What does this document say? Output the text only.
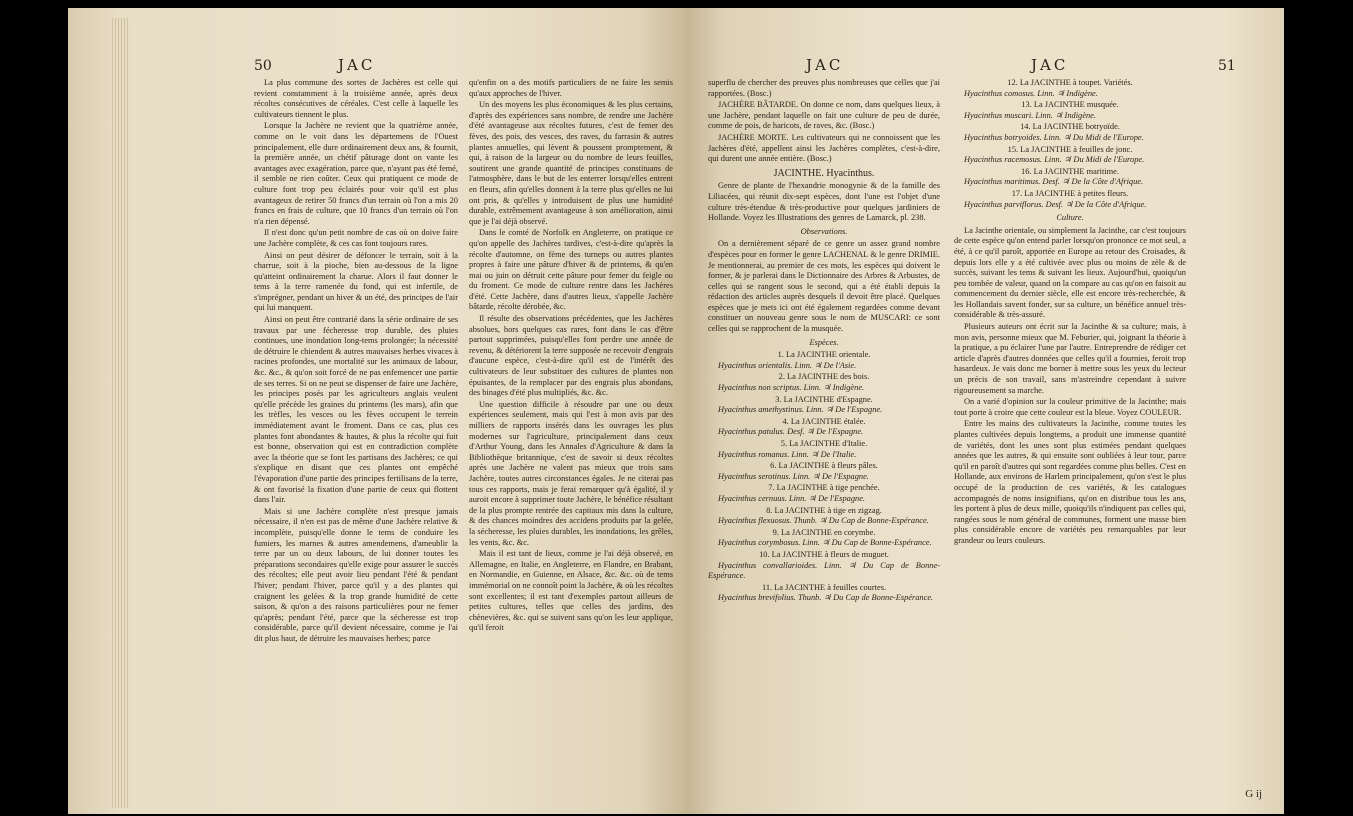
50	JAC

La plus commune des sortes de Jachères est celle qui revient constamment à la troisième année, après deux récoltes consécutives de céréales. C'est celle à laquelle les cultivateurs tiennent le plus.

Lorsque la Jachère ne revient que la quatrième année, comme on le voit dans les départemens de l'Ouest principalement, elle dure ordinairement deux ans, & fournit, la première année, un chétif pâturage dont on vante les avantages avec exagération, parce que, n'ayant pas été femé, il semble ne rien coûter. Ceux qui pratiquent ce mode de culture font trop peu éclairés pour voir qu'il est plus avantageux de retirer 50 francs d'un terrain où l'on a mis 20 francs en frais de culture, que 10 francs d'un terrain où l'on n'a rien dépensé.

Il n'est donc qu'un petit nombre de cas où on doive faire une Jachère complète, & ces cas font toujours rares.

Ainsi on peut désirer de défoncer le terrain, soit à la charrue, soit à la pioche, bien au-dessous de la ligne qu'atteint ordinairement la charue. Alors il faut donner le tems à la terre ramenée du fond, qui est infertile, de s'imprégner, pendant un hiver & un été, des principes de l'air qui lui manquent.

Ainsi on peut être contrarié dans la série ordinaire de ses travaux par une fécheresse trop durable, des pluies continues, une inondation long-tems prolongée; la nécessité de détruire le chiendent & autres mauvaises herbes vivaces à racines profondes, une mortalité sur les animaux de labour, &c. &c., & qu'on soit forcé de ne pas enfemencer une partie de ses terres. Si on ne peut se dispenser de faire une Jachère, les principes posés par les agriculteurs anglais veulent qu'elle précède les graines du printems (les mars), afin que les trèfles, les vesces ou les fèves occupent le terrein immédiatement avant le froment. Dans ce cas, plus ces plantes font abondantes & hautes, & plus la récolte qui fuit est bonne, observation qui est en contradiction complète avec la théorie que se font les partisans des Jachères; ce qui s'explique en disant que ces plantes ont empêché l'évaporation d'une partie des principes fertilisans de la terre, & ont favorisé la fixation d'une partie de ceux qui flottent dans l'air.

Mais si une Jachère complète n'est presque jamais nécessaire, il n'en est pas de même d'une Jachère relative & incomplète, puisqu'elle donne le tems de conduire les fumiers, les marnes & autres amendemens, d'ameublir la terre par un ou deux labours, de lui donner toutes les préparations secondaires qu'elle exige pour assurer le succès des récoltes; elle peut avoir lieu pendant l'été & pendant l'hiver; pendant l'hiver, parce qu'il y a des plantes qui craignent les gelées & la trop grande humidité de cette saison, & qu'on a des raisons particulières pour ne femer qu'après; pendant l'été, parce que la sécheresse est trop considérable, parce qu'il devient nécessaire, comme je l'ai dit plus haut, de détruire les mauvaises herbes; parce

qu'enfin on a des motifs particuliers de ne faire les semis qu'aux approches de l'hiver.

Un des moyens les plus économiques & les plus certains, d'après des expériences sans nombre, de rendre une Jachère d'été avantageuse aux récoltes futures, c'est de femer des fèves, des pois, des vesces, des raves, du farrasin & autres plantes annuelles, qui lèvent & poussent promptement, & qui, à raison de la largeur ou du nombre de leurs feuilles, soutirent une grande quantité de principes constituans de l'atmosphère, dans le but de les enterrer lorsqu'elles entrent en fleurs, afin qu'elles donnent à la terre plus qu'elles ne lui ont pris, & qu'elles y introduisent de plus une humidité durable, extrêmement avantageuse à son amélioration, ainsi que je l'ai déjà observé.

Dans le comté de Norfolk en Angleterre, on pratique ce qu'on appelle des Jachères tardives, c'est-à-dire qu'après la récolte d'automne, on fème des turneps ou autres plantes propres à faire une pâture d'hiver & de printems, & qu'en mai ou juin on détruit cette pâture pour femer du feigle ou du froment. Ce mode de culture rentre dans les Jachères d'été. Cette Jachère, dans d'autres lieux, s'appelle Jachère bâtarde, récolte dérobée, &c.

Il résulte des observations précédentes, que les Jachères absolues, hors quelques cas rares, font dans le cas d'être partout supprimées, puisqu'elles font perdre une année de revenu, & détériorent la terre supposée ne recevoir d'engrais d'aucune espèce, c'est-à-dire qu'il est de l'intérêt des cultivateurs de leur substituer des cultures de plantes non épuisantes, de la remplacer par des engrais plus abondans, des binages d'été plus multipliés, &c. &c.

Une question difficile à résoudre par une ou deux expériences seulement, mais qui l'est à mon avis par des milliers de rapports insérés dans les ouvrages les plus modernes sur l'agriculture, principalement dans ceux d'Arthur Young, dans les Annales d'Agriculture & dans la Bibliothèque britannique, c'est de savoir si deux récoltes après une Jachère ne valent pas mieux que trois sans Jachère, toutes autres circonstances égales. Je ne citerai pas tous ces rapports, mais je ferai remarquer qu'à égalité, il y auroit encore à supprimer toute Jachère, le bénéfice résultant de la plus prompte rentrée des capitaux mis dans la culture, & des chances moindres des accidens produits par la gelée, la sécheresse, les pluies durables, les inondations, les grêles, les vents, &c. &c.

Mais il est tant de lieux, comme je l'ai déjà observé, en Allemagne, en Italie, en Angleterre, en Flandre, en Brabant, en Normandie, en Guienne, en Alsace, &c. &c. où de tems immémorial on ne connoît point la Jachère, & où les récoltes sont excellentes; il est tant d'exemples partout ailleurs de petites cultures, telles que celles des jardins, des chènevières, &c. qui se suivent sans qu'on les leur applique, qu'il feroit

JAC	JAC	51

superflu de chercher des preuves plus nombreuses que celles que j'ai rapportées. (Bosc.)

JACHÈRE BÂTARDE. On donne ce nom, dans quelques lieux, à une Jachère, pendant laquelle on fait une culture de peu de durée, comme de pois, de haricots, de raves, &c. (Bosc.)

JACHÈRE MORTE. Les cultivateurs qui ne connoissent que les Jachères d'été, appellent ainsi les Jachères complètes, c'est-à-dire, qui durent une année entière. (Bosc.)

JACINTHE. Hyacinthus.

Genre de plante de l'hexandrie monogynie & de la famille des Liliacées, qui réunit dix-sept espèces, dont l'une est l'objet d'une culture très-étendue & très-productive pour quelques jardiniers de Hollande. Voyez les Illustrations des genres de Lamarck, pl. 238.

Observations.

On a dernièrement séparé de ce genre un assez grand nombre d'espèces pour en former le genre LACHENAL & le genre DRIMIE. Je mentionnerai, au premier de ces mots, les espèces qui doivent le former, & je parlerai dans le Dictionnaire des Arbres & Arbustes, de celles qui se rangent sous le second, qui a été établi depuis la rédaction des articles auprès desquels il devoit être placé. Quelques espèces que je mets ici ont été également regardées comme devant constituer un nouveau genre sous le nom de MUSCARI: ce sont celles qui se rapprochent de la musquée.

Espèces.

1. La JACINTHE orientale.

Hyacinthus orientalis. Linn. ♃ De l'Asie.

2. La JACINTHE des bois.

Hyacinthus non scriptus. Linn. ♃ Indigène.

3. La JACINTHE d'Espagne.

Hyacinthus amethystinus. Linn. ♃ De l'Espagne.

4. La JACINTHE étalée.

Hyacinthus patulus. Desf. ♃ De l'Espagne.

5. La JACINTHE d'Italie.

Hyacinthus romanus. Linn. ♃ De l'Italie.

6. La JACINTHE à fleurs pâles.

Hyacinthus serotinus. Linn. ♃ De l'Espagne.

7. La JACINTHE à tige penchée.

Hyacinthus cernuus. Linn. ♃ De l'Espagne.

8. La JACINTHE à tige en zigzag.

Hyacinthus flexuosus. Thunb. ♃ Du Cap de Bonne-Espérance.

9. La JACINTHE en corymbe.

Hyacinthus corymbosus. Linn. ♃ Du Cap de Bonne-Espérance.

10. La JACINTHE à fleurs de muguet.

Hyacinthus convallarioides. Linn. ♃ Du Cap de Bonne-Espérance.

11. La JACINTHE à feuilles courtes.

Hyacinthus brevifolius. Thunb. ♃ Du Cap de Bonne-Espérance.

12. La JACINTHE à toupet. Variétés.

Hyacinthus comosus. Linn. ♃ Indigène.

13. La JACINTHE musquée.

Hyacinthus muscari. Linn. ♃ Indigène.

14. La JACINTHE botryoïde.

Hyacinthus botryoides. Linn. ♃ Du Midi de l'Europe.

15. La JACINTHE à feuilles de jonc.

Hyacinthus racemosus. Linn. ♃ Du Midi de l'Europe.

16. La JACINTHE maritime.

Hyacinthus maritimus. Desf. ♃ De la Côte d'Afrique.

17. La JACINTHE à petites fleurs.

Hyacinthus parviflorus. Desf. ♃ De la Côte d'Afrique.

Culture.

La Jacinthe orientale, ou simplement la Jacinthe, car c'est toujours de cette espèce qu'on entend parler lorsqu'on prononce ce mot seul, a été, à ce qu'il paroît, apportée en Europe au retour des Croisades, & depuis lors elle y a été cultivée avec plus ou moins de zèle & de succès, suivant les tems & suivant les lieux. Aujourd'hui, quoiqu'un peu tombée de valeur, quand on la compare au cas qu'on en faisoit au commencement du dernier siècle, elle est encore très-recherchée, & les Hollandais savent fonder, sur sa culture, un bénéfice annuel très-considérable & très-assuré.

Plusieurs auteurs ont écrit sur la Jacinthe & sa culture; mais, à mon avis, personne mieux que M. Feburier, qui, joignant la théorie à la pratique, a pu éclairer l'une par l'autre. Entreprendre de rédiger cet article d'après d'autres données que celles qu'il a fournies, feroit trop hasardeux. Je vais donc me borner à mettre sous les yeux du lecteur un précis de son travail, sans m'astreindre cependant à suivre rigoureusement sa marche.

On a varié d'opinion sur la couleur primitive de la Jacinthe; mais tout porte à croire que cette couleur est la bleue. Voyez COULEUR.

Entre les mains des cultivateurs la Jacinthe, comme toutes les plantes cultivées depuis longtems, a produit une immense quantité de variétés, dont les unes sont plus estimées pendant quelques années que les autres, & qui ensuite sont oubliées à leur tour, parce qu'il en paroît d'autres qui sont regardées comme plus belles. C'est en Hollande, aux environs de Harlem principalement, qu'on s'est le plus occupé de la production de ces variétés, & les catalogues accompagnés de noms insignifians, qu'on en distribue tous les ans, les portent à plus de deux mille, quoiqu'ils n'indiquent pas celles qui, rangées sous le nom général de communes, forment une masse bien plus considérable encore de variétés peu remarquables par leur grandeur ou leurs couleurs.

G ij
